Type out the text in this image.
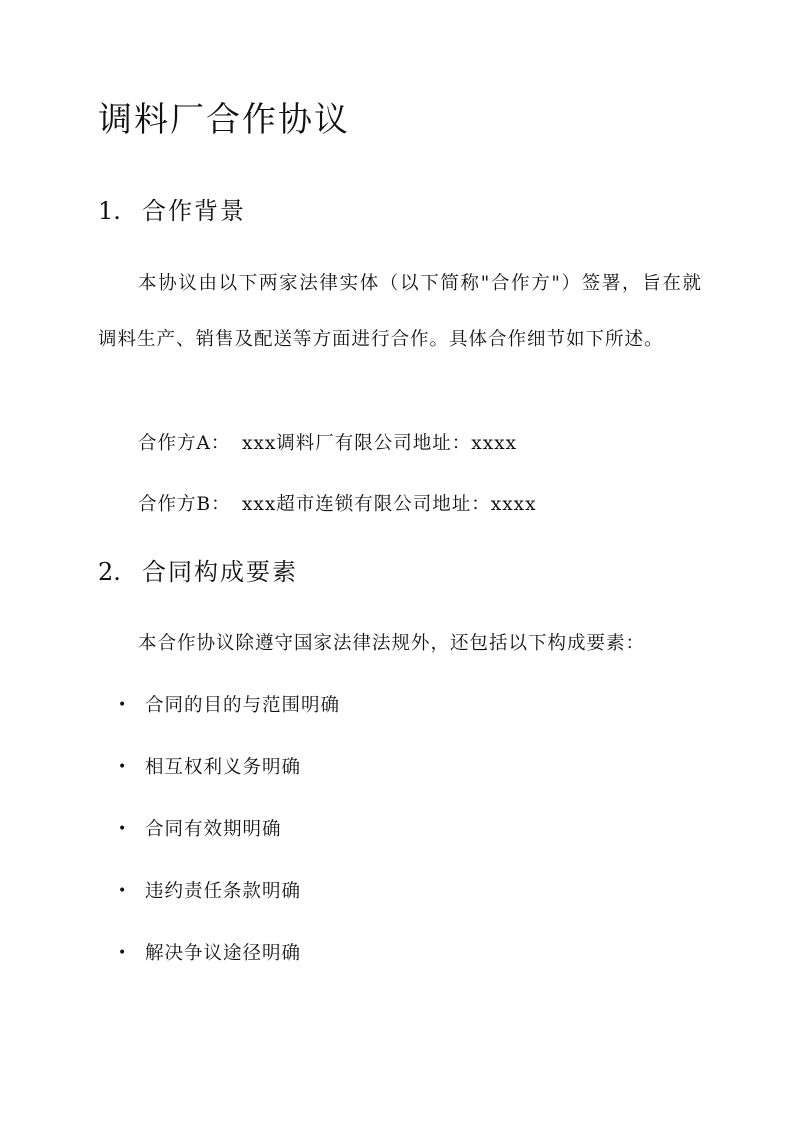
调料厂合作协议
1. 合作背景

本协议由以下两家法律实体（以下简称"合作方"）签署，旨在就调料生产、销售及配送等方面进行合作。具体合作细节如下所述。

合作方A： xxx调料厂有限公司地址：xxxx

合作方B： xxx超市连锁有限公司地址：xxxx

2. 合同构成要素

本合作协议除遵守国家法律法规外，还包括以下构成要素：

• 合同的目的与范围明确
• 相互权利义务明确
• 合同有效期明确
• 违约责任条款明确
• 解决争议途径明确
